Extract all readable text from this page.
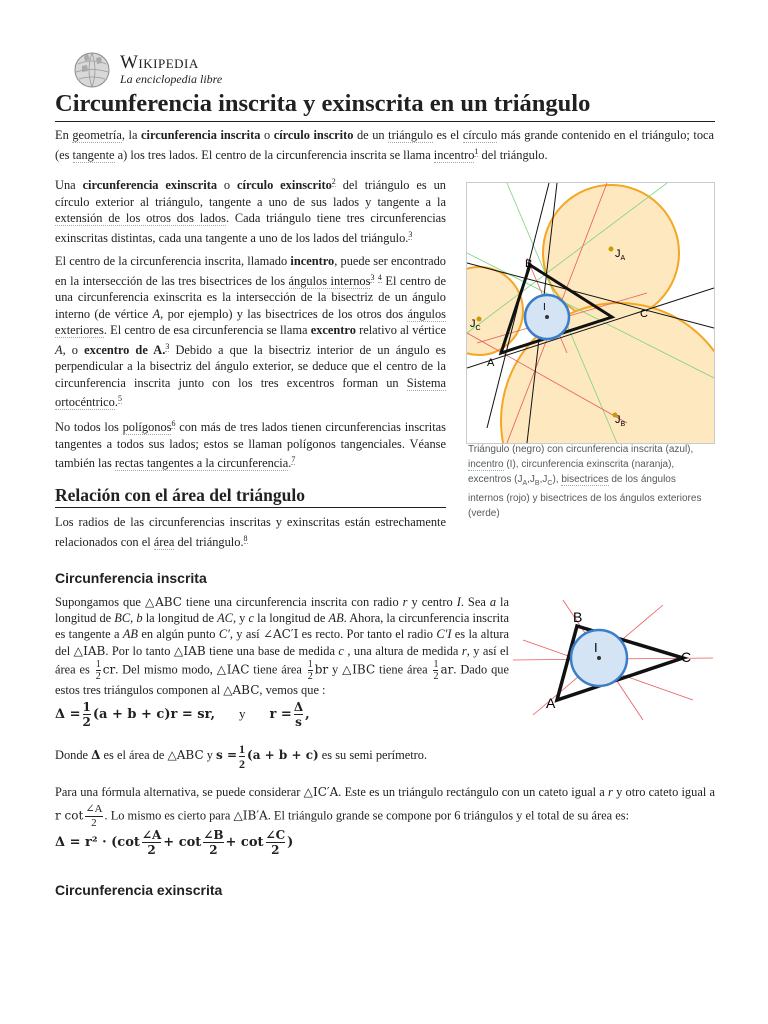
Wikipedia
La enciclopedia libre
Circunferencia inscrita y exinscrita en un triángulo

En geometría, la circunferencia inscrita o círculo inscrito de un triángulo es el círculo más grande contenido en el triángulo; toca (es tangente a) los tres lados. El centro de la circunferencia inscrita se llama incentro$^1$ del triángulo.

Una circunferencia exinscrita o círculo exinscrito$^2$ del triángulo es un círculo exterior al triángulo, tangente a uno de sus lados y tangente a la extensión de los otros dos lados. Cada triángulo tiene tres circunferencias exinscritas distintas, cada una tangente a uno de los lados del triángulo.$^3$

El centro de la circunferencia inscrita, llamado incentro, puede ser encontrado en la intersección de las tres bisectrices de los ángulos internos$^3$ $^4$ El centro de una circunferencia exinscrita es la intersección de la bisectriz de un ángulo interno (de vértice A, por ejemplo) y las bisectrices de los otros dos ángulos exteriores. El centro de esa circunferencia se llama excentro relativo al vértice A, o excentro de A.$^3$ Debido a que la bisectriz interior de un ángulo es perpendicular a la bisectriz del ángulo exterior, se deduce que el centro de la circunferencia inscrita junto con los tres excentros forman un Sistema ortocéntrico.$^5$

No todos los polígonos$^6$ con más de tres lados tienen circunferencias inscritas tangentes a todos sus lados; estos se llaman polígonos tangenciales. Véanse también las rectas tangentes a la circunferencia.$^7$

B
A
C
I
$J_A$
$J_C$
$J_B$
Triángulo (negro) con circunferencia inscrita (azul), incentro (I), circunferencia exinscrita (naranja), excentros $(J_A,J_B,J_C)$, bisectrices de los ángulos internos (rojo) y bisectrices de los ángulos exteriores (verde)
Relación con el área del triángulo

Los radios de las circunferencias inscritas y exinscritas están estrechamente relacionados con el área del triángulo.$^8$

Circunferencia inscrita

Supongamos que △ABC tiene una circunferencia inscrita con radio r y centro I. Sea a la longitud de BC, b la longitud de AC, y c la longitud de AB. Ahora, la circunferencia inscrita es tangente a AB en algún punto C′, y así ∠AC′I es recto. Por tanto el radio C′I es la altura del △IAB. Por lo tanto △IAB tiene una base de medida c , una altura de medida r, y así el área es $\frac{1}{2}$ cr. Del mismo modo, △IAC tiene área $\frac{1}{2}$ br y △IBC tiene área $\frac{1}{2}$ ar. Dado que estos tres triángulos componen al △ABC, vemos que :

$\Delta = \frac{1}{2} (a + b + c)r$ = sr, y $r = \frac{\Delta}{s}$ ,
B
A
C
I

Donde Δ es el área de △ABC y $s = \frac{1}{2} (a + b + c)$ es su semi perímetro.

Para una fórmula alternativa, se puede considerar △IC′A. Este es un triángulo rectángulo con un cateto igual a r y otro cateto igual a r $\cot \frac{\angle A}{2}$ . Lo mismo es cierto para △IB′A. El triángulo grande se compone por 6 triángulos y el total de su área es:

$\Delta = r^2 \cdot (\cot \frac{\angle A}{2} + \cot \frac{\angle B}{2} + \cot \frac{\angle C}{2}$ )
Circunferencia exinscrita
